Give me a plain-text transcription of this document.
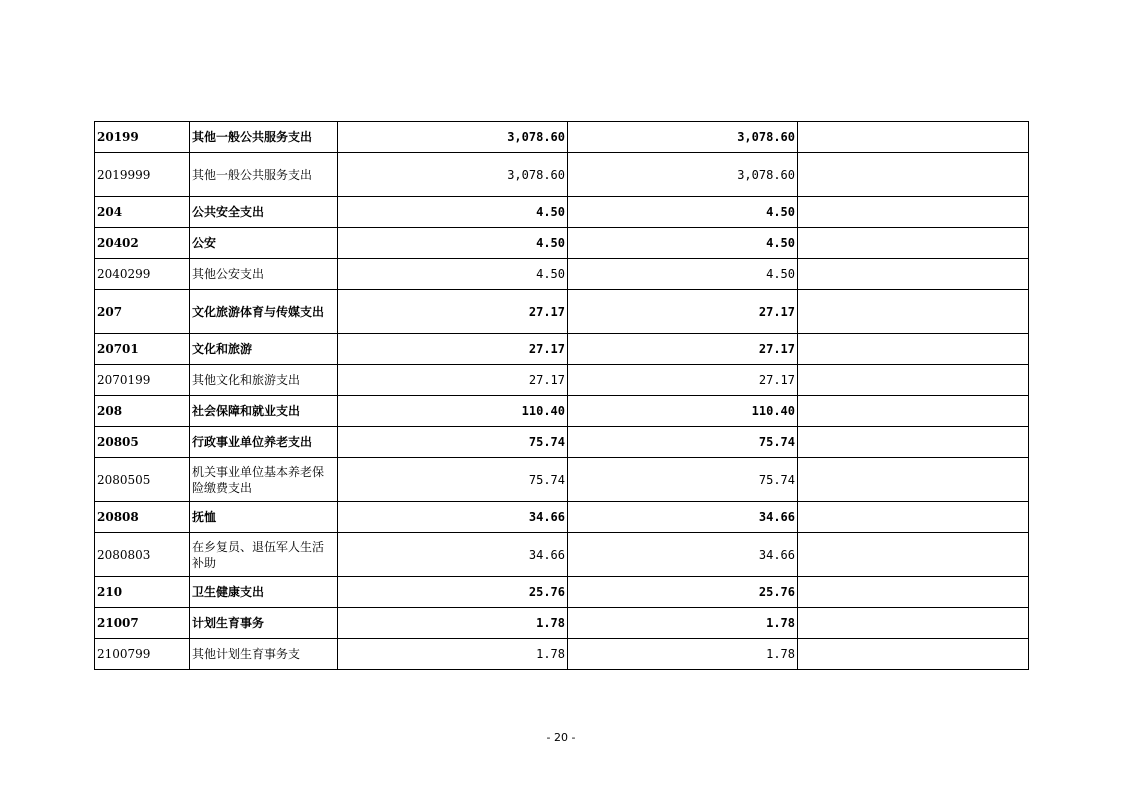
20199	其他一般公共服务支出	3,078.60	3,078.60	
2019999	其他一般公共服务支出	3,078.60	3,078.60	
204	公共安全支出	4.50	4.50	
20402	公安	4.50	4.50	
2040299	其他公安支出	4.50	4.50	
207	文化旅游体育与传媒支出	27.17	27.17	
20701	文化和旅游	27.17	27.17	
2070199	其他文化和旅游支出	27.17	27.17	
208	社会保障和就业支出	110.40	110.40	
20805	行政事业单位养老支出	75.74	75.74	
2080505	机关事业单位基本养老保险缴费支出	75.74	75.74	
20808	抚恤	34.66	34.66	
2080803	在乡复员、退伍军人生活补助	34.66	34.66	
210	卫生健康支出	25.76	25.76	
21007	计划生育事务	1.78	1.78	
2100799	其他计划生育事务支	1.78	1.78	
- 20 -
